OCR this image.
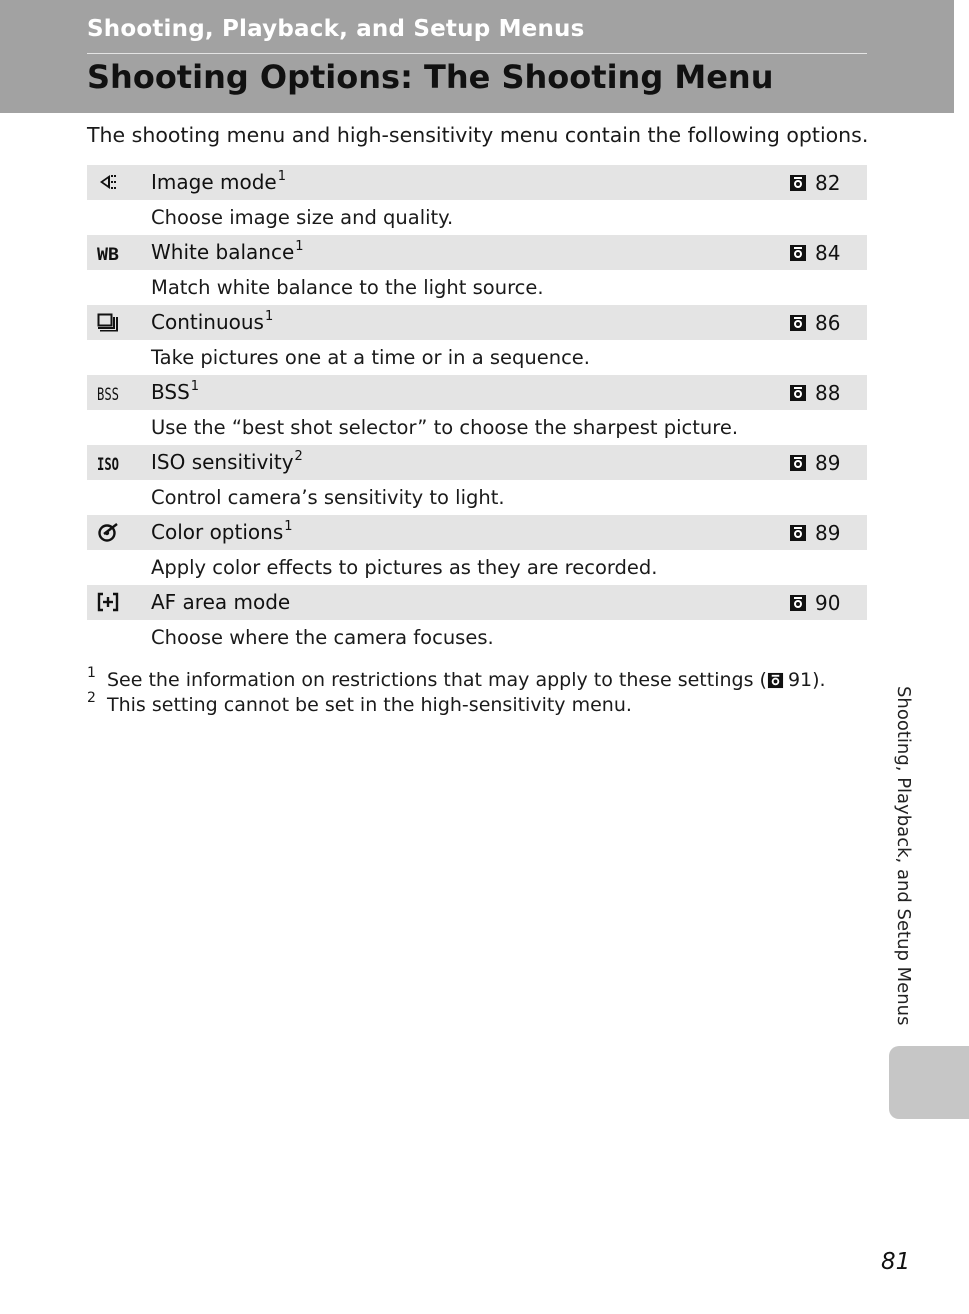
Shooting, Playback, and Setup Menus
Shooting Options: The Shooting Menu
The shooting menu and high-sensitivity menu contain the following options.
Image mode$^1$	82
Choose image size and quality.
WB White balance$^1$	84
Match white balance to the light source.
Continuous$^1$	86
Take pictures one at a time or in a sequence.
BSS BSS$^1$	88
Use the “best shot selector” to choose the sharpest picture.
ISO ISO sensitivity$^2$	89
Control camera’s sensitivity to light.
Color options$^1$	89
Apply color effects to pictures as they are recorded.
AF area mode	90
Choose where the camera focuses.
1 See the information on restrictions that may apply to these settings ( 91 ).
2 This setting cannot be set in the high-sensitivity menu.	Shooting, Playback, and Setup Menus
81
